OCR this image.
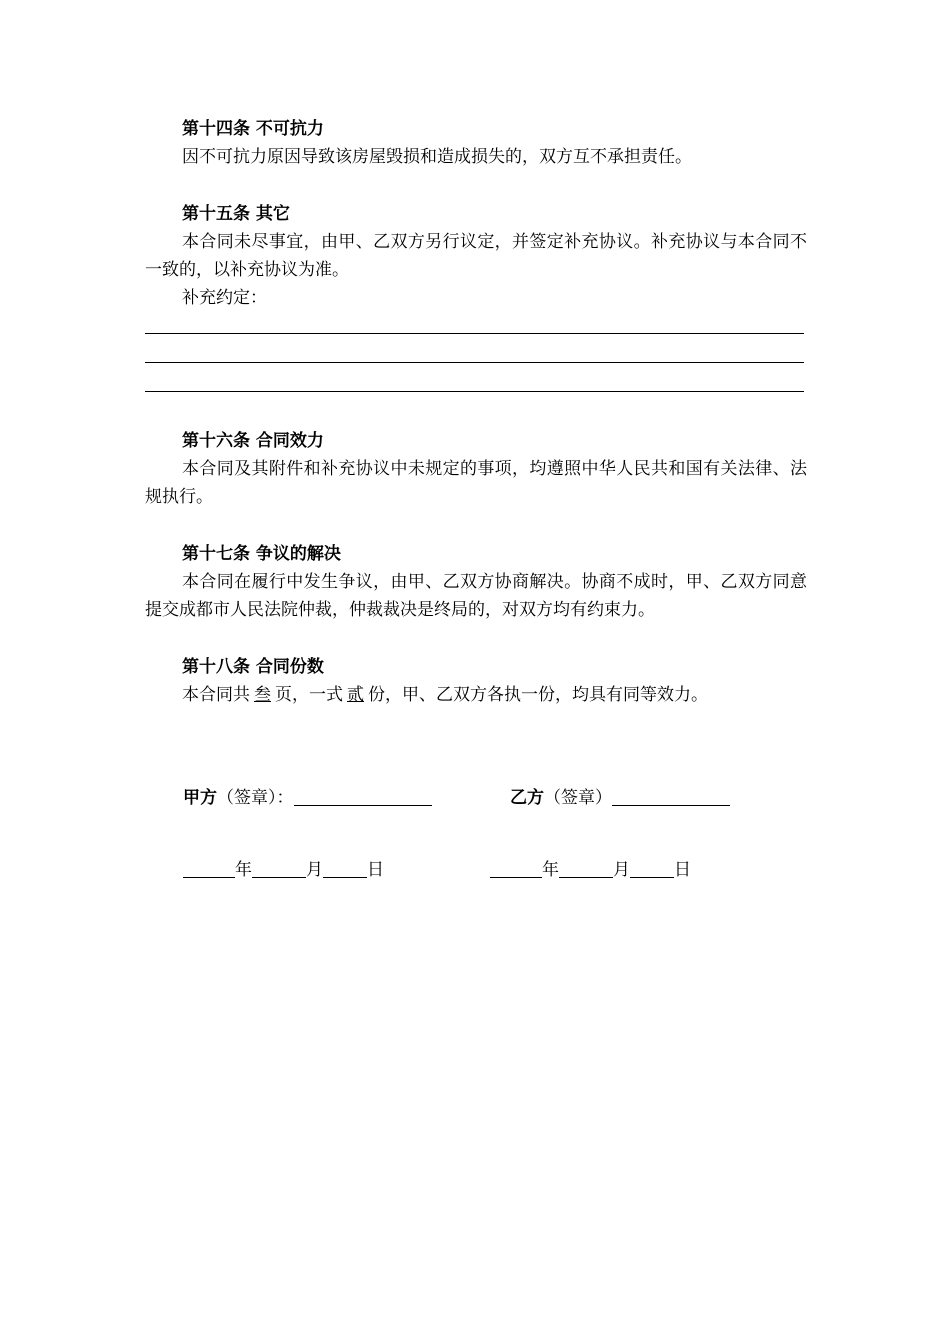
第十四条 不可抗力

因不可抗力原因导致该房屋毁损和造成损失的，双方互不承担责任。

第十五条 其它

本合同未尽事宜，由甲、乙双方另行议定，并签定补充协议。补充协议与本合同不一致的，以补充协议为准。

补充约定：

第十六条 合同效力

本合同及其附件和补充协议中未规定的事项，均遵照中华人民共和国有关法律、法规执行。

第十七条 争议的解决

本合同在履行中发生争议，由甲、乙双方协商解决。协商不成时，甲、乙双方同意提交成都市人民法院仲裁，仲裁裁决是终局的，对双方均有约束力。

第十八条 合同份数

本合同共 叁 页，一式 贰 份，甲、乙双方各执一份，均具有同等效力。

甲方（签章）：	乙方（签章）
年	月	日	年	月	日
